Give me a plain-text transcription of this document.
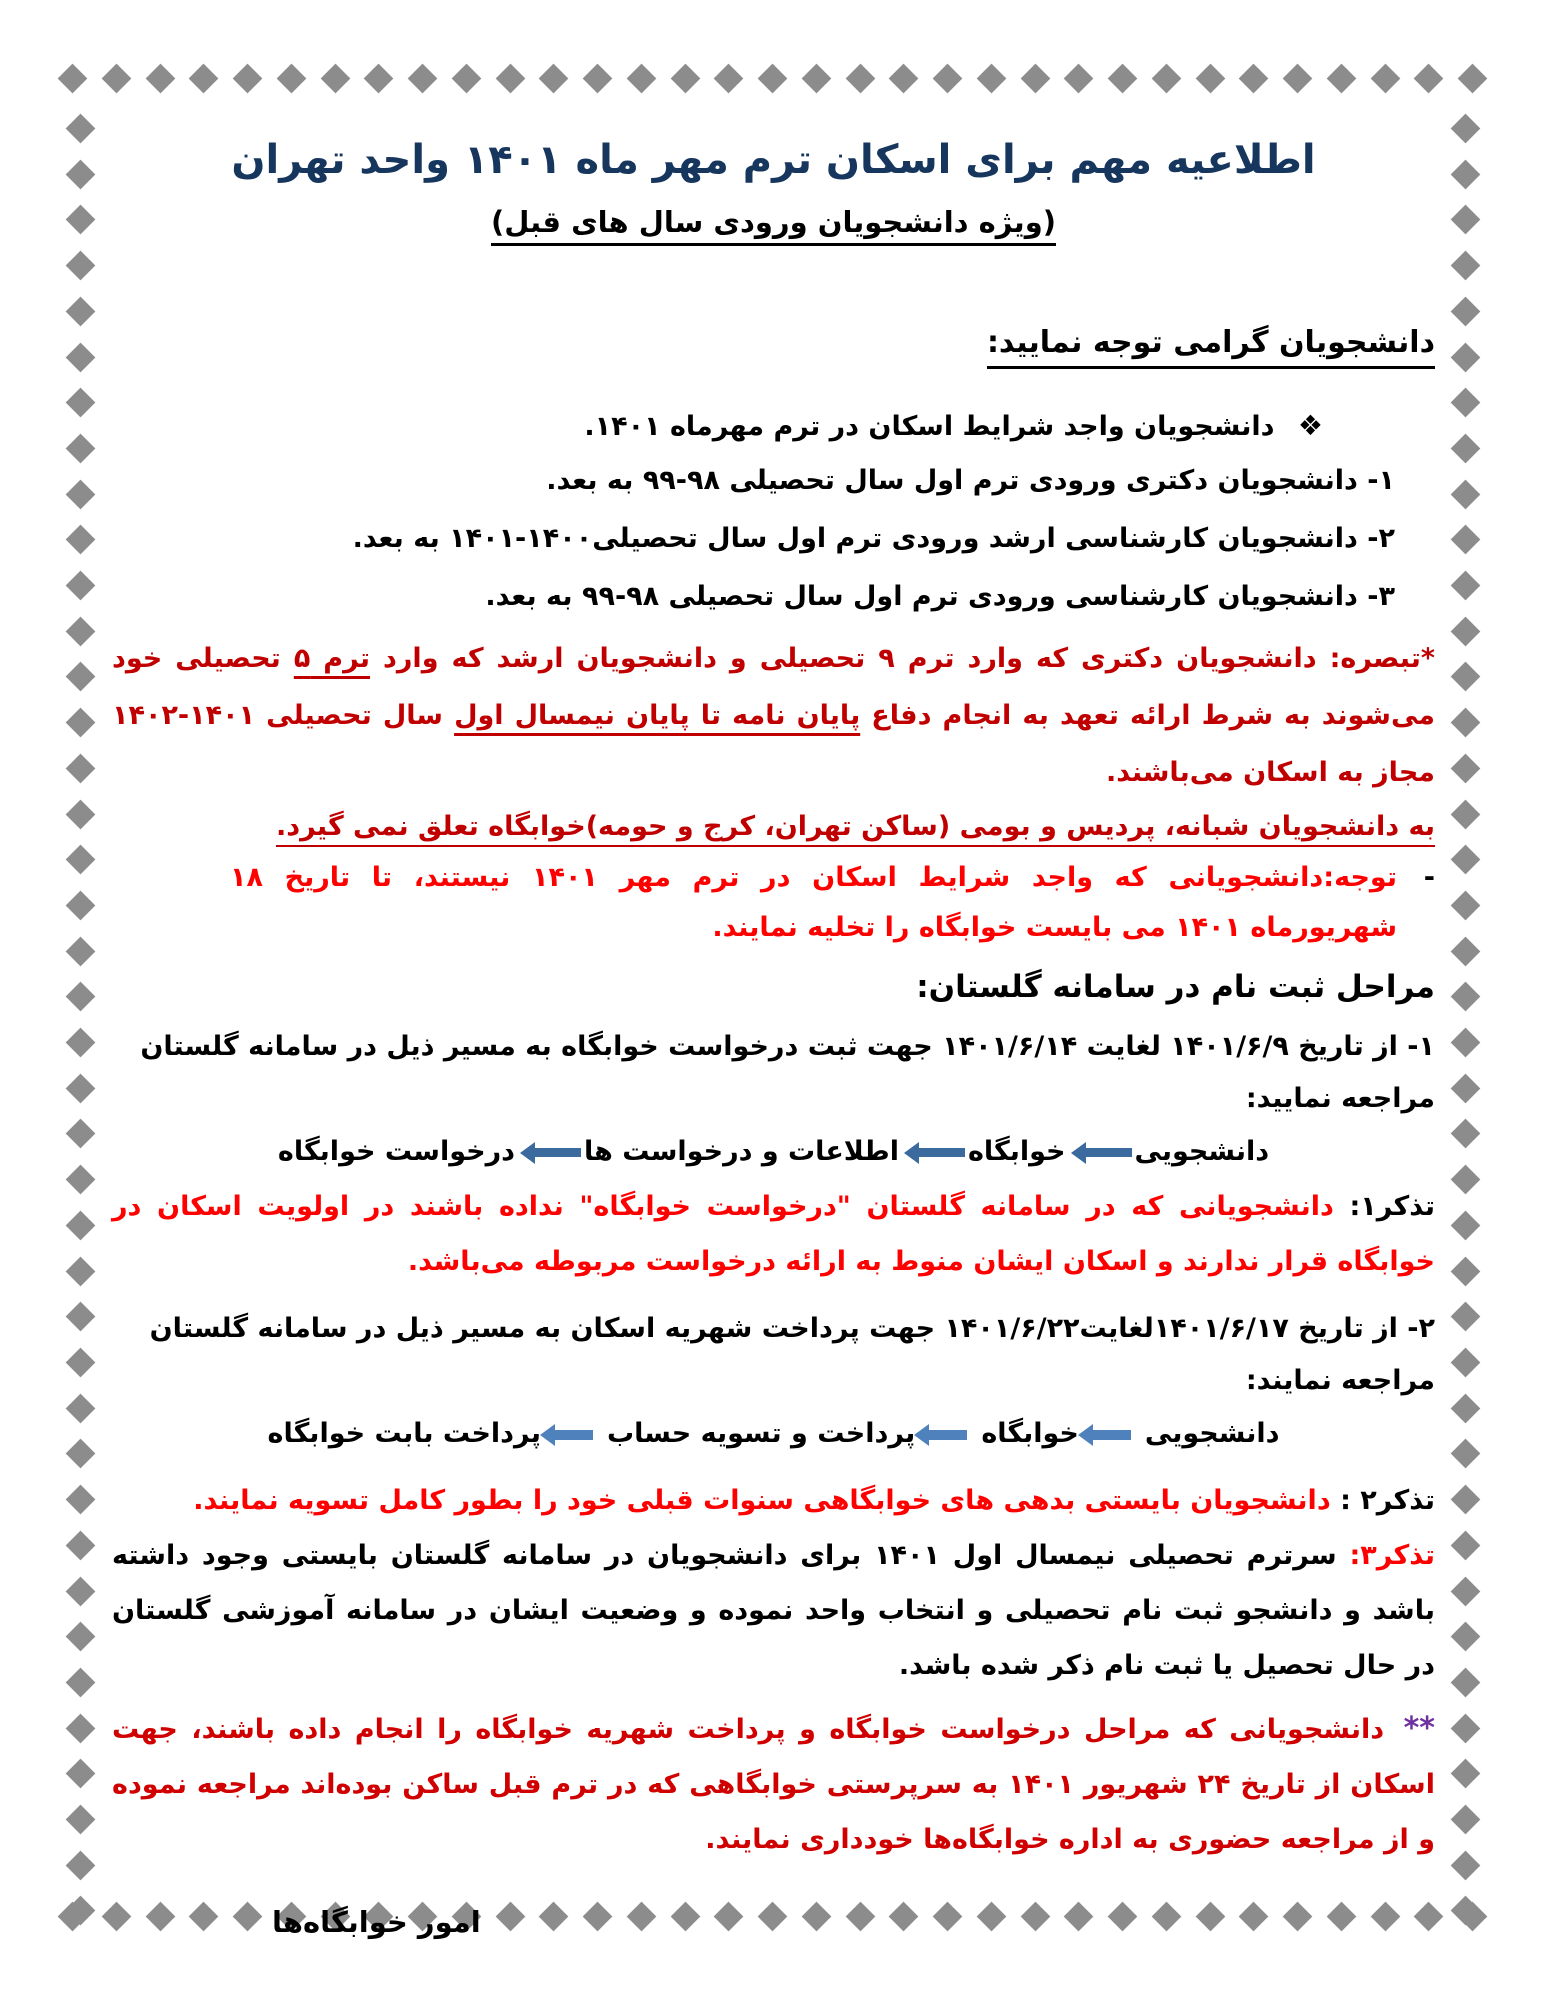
اطلاعیه مهم برای اسکان ترم مهر ماه ۱۴۰۱ واحد تهران
(ویژه دانشجویان ورودی سال های قبل)
دانشجویان گرامی توجه نمایید:
❖ دانشجویان واجد شرایط اسکان در ترم مهرماه ۱۴۰۱.
۱- دانشجویان دکتری ورودی ترم اول سال تحصیلی ۹۸-۹۹ به بعد.
۲- دانشجویان کارشناسی ارشد ورودی ترم اول سال تحصیلی۱۴۰۰-۱۴۰۱ به بعد.
۳- دانشجویان کارشناسی ورودی ترم اول سال تحصیلی ۹۸-۹۹ به بعد.

*تبصره: دانشجویان دکتری که وارد ترم ۹ تحصیلی و دانشجویان ارشد که وارد ترم ۵ تحصیلی خود می‌شوند به شرط ارائه تعهد به انجام دفاع پایان نامه تا پایان نیمسال اول سال تحصیلی ۱۴۰۱-۱۴۰۲ مجاز به اسکان می‌باشند.

به دانشجویان شبانه، پردیس و بومی (ساکن تهران، کرج و حومه)خوابگاه تعلق نمی گیرد.

-
توجه:دانشجویانی که واجد شرایط اسکان در ترم مهر ۱۴۰۱ نیستند، تا تاریخ ۱۸ شهریورماه ۱۴۰۱ می بایست خوابگاه را تخلیه نمایند.

مراحل ثبت نام در سامانه گلستان:

۱- از تاریخ ۱۴۰۱/۶/۹ لغایت ۱۴۰۱/۶/۱۴ جهت ثبت درخواست خوابگاه به مسیر ذیل در سامانه گلستان مراجعه نمایید:

دانشجوییخوابگاهاطلاعات و درخواست هادرخواست خوابگاه

تذکر۱: دانشجویانی که در سامانه گلستان "درخواست خوابگاه" نداده باشند در اولویت اسکان در خوابگاه قرار ندارند و اسکان ایشان منوط به ارائه درخواست مربوطه می‌باشد.

۲- از تاریخ ۱۴۰۱/۶/۱۷لغایت۱۴۰۱/۶/۲۲ جهت پرداخت شهریه اسکان به مسیر ذیل در سامانه گلستان مراجعه نمایند:

دانشجوییخوابگاهپرداخت و تسویه حسابپرداخت بابت خوابگاه

تذکر۲ : دانشجویان بایستی بدهی های خوابگاهی سنوات قبلی خود را بطور کامل تسویه نمایند.

تذکر۳: سرترم تحصیلی نیمسال اول ۱۴۰۱ برای دانشجویان در سامانه گلستان بایستی وجود داشته باشد و دانشجو ثبت نام تحصیلی و انتخاب واحد نموده و وضعیت ایشان در سامانه آموزشی گلستان در حال تحصیل یا ثبت نام ذکر شده باشد.

** دانشجویانی که مراحل درخواست خوابگاه و پرداخت شهریه خوابگاه را انجام داده باشند، جهت اسکان از تاریخ ۲۴ شهریور ۱۴۰۱ به سرپرستی خوابگاهی که در ترم قبل ساکن بوده‌اند مراجعه نموده و از مراجعه حضوری به اداره خوابگاه‌ها خودداری نمایند.

امور خوابگاه‌ها
